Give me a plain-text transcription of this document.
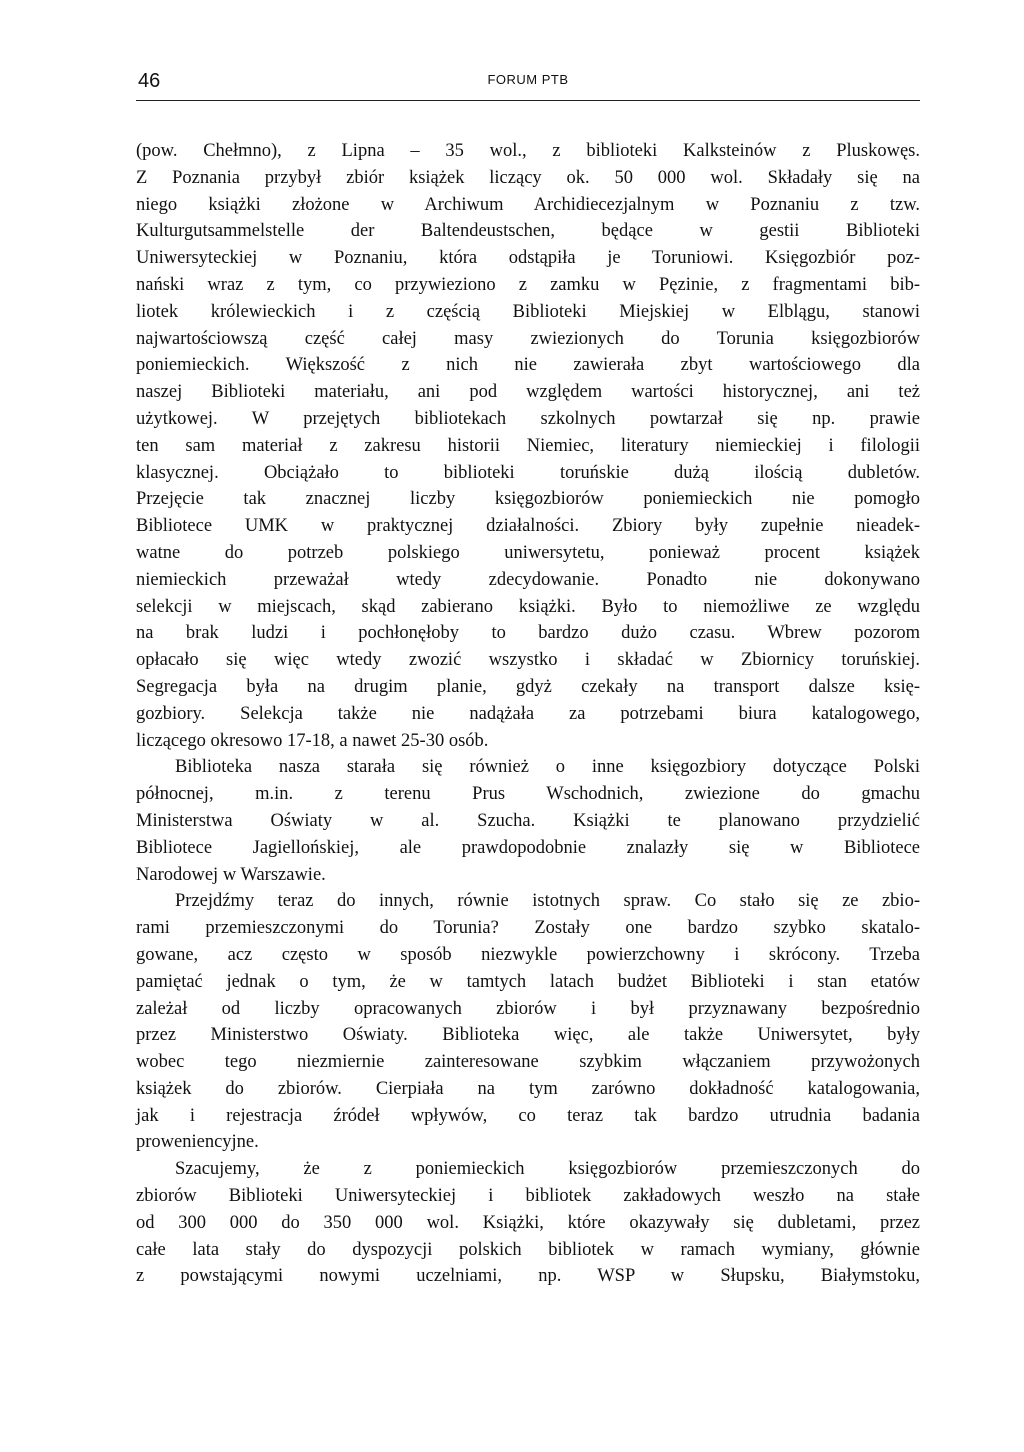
46	FORUM PTB

(pow. Chełmno), z Lipna – 35 wol., z biblioteki Kalksteinów z Pluskowęs.

Z Poznania przybył zbiór książek liczący ok. 50 000 wol. Składały się na

niego książki złożone w Archiwum Archidiecezjalnym w Poznaniu z tzw.

Kulturgutsammelstelle der Baltendeustschen, będące w gestii Biblioteki

Uniwersyteckiej w Poznaniu, która odstąpiła je Toruniowi. Księgozbiór poz-

nański wraz z tym, co przywieziono z zamku w Pęzinie, z fragmentami bib-

liotek królewieckich i z częścią Biblioteki Miejskiej w Elblągu, stanowi

najwartościowszą część całej masy zwiezionych do Torunia księgozbiorów

poniemieckich. Większość z nich nie zawierała zbyt wartościowego dla

naszej Biblioteki materiału, ani pod względem wartości historycznej, ani też

użytkowej. W przejętych bibliotekach szkolnych powtarzał się np. prawie

ten sam materiał z zakresu historii Niemiec, literatury niemieckiej i filologii

klasycznej. Obciążało to biblioteki toruńskie dużą ilością dubletów.

Przejęcie tak znacznej liczby księgozbiorów poniemieckich nie pomogło

Bibliotece UMK w praktycznej działalności. Zbiory były zupełnie nieadek-

watne do potrzeb polskiego uniwersytetu, ponieważ procent książek

niemieckich przeważał wtedy zdecydowanie. Ponadto nie dokonywano

selekcji w miejscach, skąd zabierano książki. Było to niemożliwe ze względu

na brak ludzi i pochłonęłoby to bardzo dużo czasu. Wbrew pozorom

opłacało się więc wtedy zwozić wszystko i składać w Zbiornicy toruńskiej.

Segregacja była na drugim planie, gdyż czekały na transport dalsze księ-

gozbiory. Selekcja także nie nadążała za potrzebami biura katalogowego,

liczącego okresowo 17-18, a nawet 25-30 osób.

Biblioteka nasza starała się również o inne księgozbiory dotyczące Polski

północnej, m.in. z terenu Prus Wschodnich, zwiezione do gmachu

Ministerstwa Oświaty w al. Szucha. Książki te planowano przydzielić

Bibliotece Jagiellońskiej, ale prawdopodobnie znalazły się w Bibliotece

Narodowej w Warszawie.

Przejdźmy teraz do innych, równie istotnych spraw. Co stało się ze zbio-

rami przemieszczonymi do Torunia? Zostały one bardzo szybko skatalo-

gowane, acz często w sposób niezwykle powierzchowny i skrócony. Trzeba

pamiętać jednak o tym, że w tamtych latach budżet Biblioteki i stan etatów

zależał od liczby opracowanych zbiorów i był przyznawany bezpośrednio

przez Ministerstwo Oświaty. Biblioteka więc, ale także Uniwersytet, były

wobec tego niezmiernie zainteresowane szybkim włączaniem przywożonych

książek do zbiorów. Cierpiała na tym zarówno dokładność katalogowania,

jak i rejestracja źródeł wpływów, co teraz tak bardzo utrudnia badania

proweniencyjne.

Szacujemy, że z poniemieckich księgozbiorów przemieszczonych do

zbiorów Biblioteki Uniwersyteckiej i bibliotek zakładowych weszło na stałe

od 300 000 do 350 000 wol. Książki, które okazywały się dubletami, przez

całe lata stały do dyspozycji polskich bibliotek w ramach wymiany, głównie

z powstającymi nowymi uczelniami, np. WSP w Słupsku, Białymstoku,
